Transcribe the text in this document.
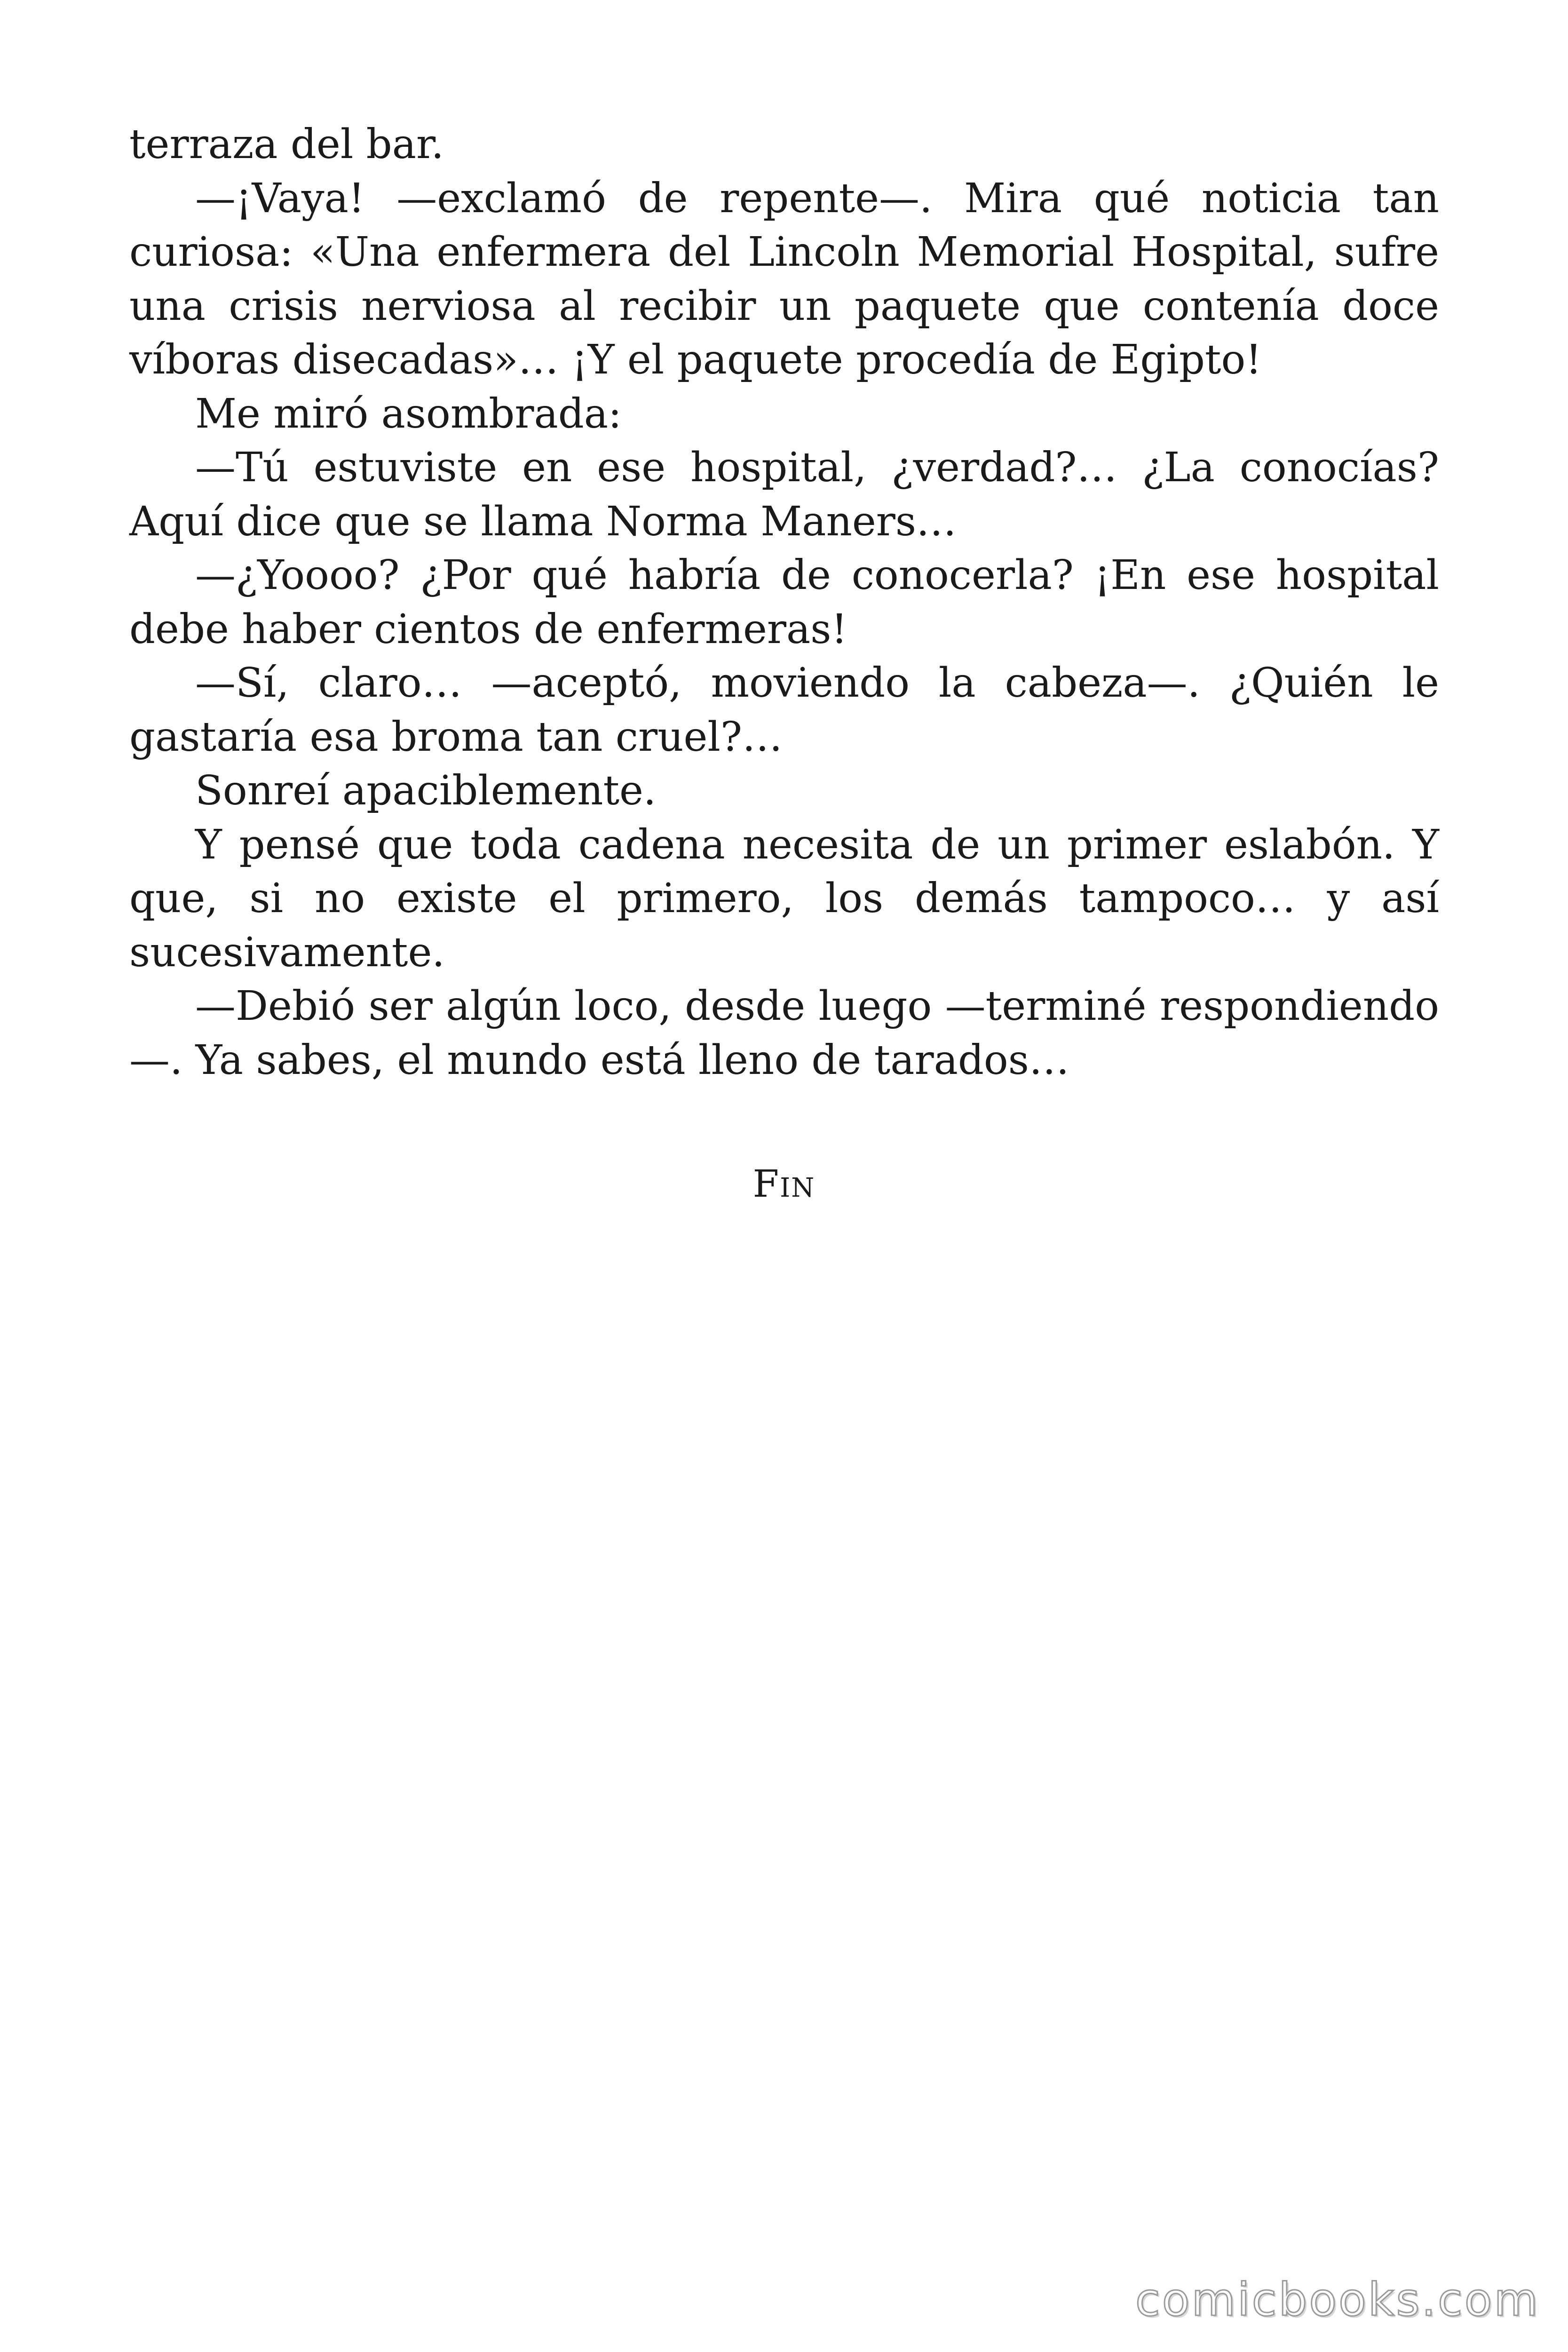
terraza del bar.

—¡Vaya! —exclamó de repente—. Mira qué noticia tan curiosa: «Una enfermera del Lincoln Memorial Hospital, sufre una crisis nerviosa al recibir un paquete que contenía doce víboras disecadas»… ¡Y el paquete procedía de Egipto!

Me miró asombrada:

—Tú estuviste en ese hospital, ¿verdad?… ¿La conocías? Aquí dice que se llama Norma Maners…

—¿Yoooo? ¿Por qué habría de conocerla? ¡En ese hospital debe haber cientos de enfermeras!

—Sí, claro… —aceptó, moviendo la cabeza—. ¿Quién le gastaría esa broma tan cruel?…

Sonreí apaciblemente.

Y pensé que toda cadena necesita de un primer eslabón. Y que, si no existe el primero, los demás tampoco… y así sucesivamente.

—Debió ser algún loco, desde luego —terminé respondiendo—. Ya sabes, el mundo está lleno de tarados…

Fin
comicbooks.com
